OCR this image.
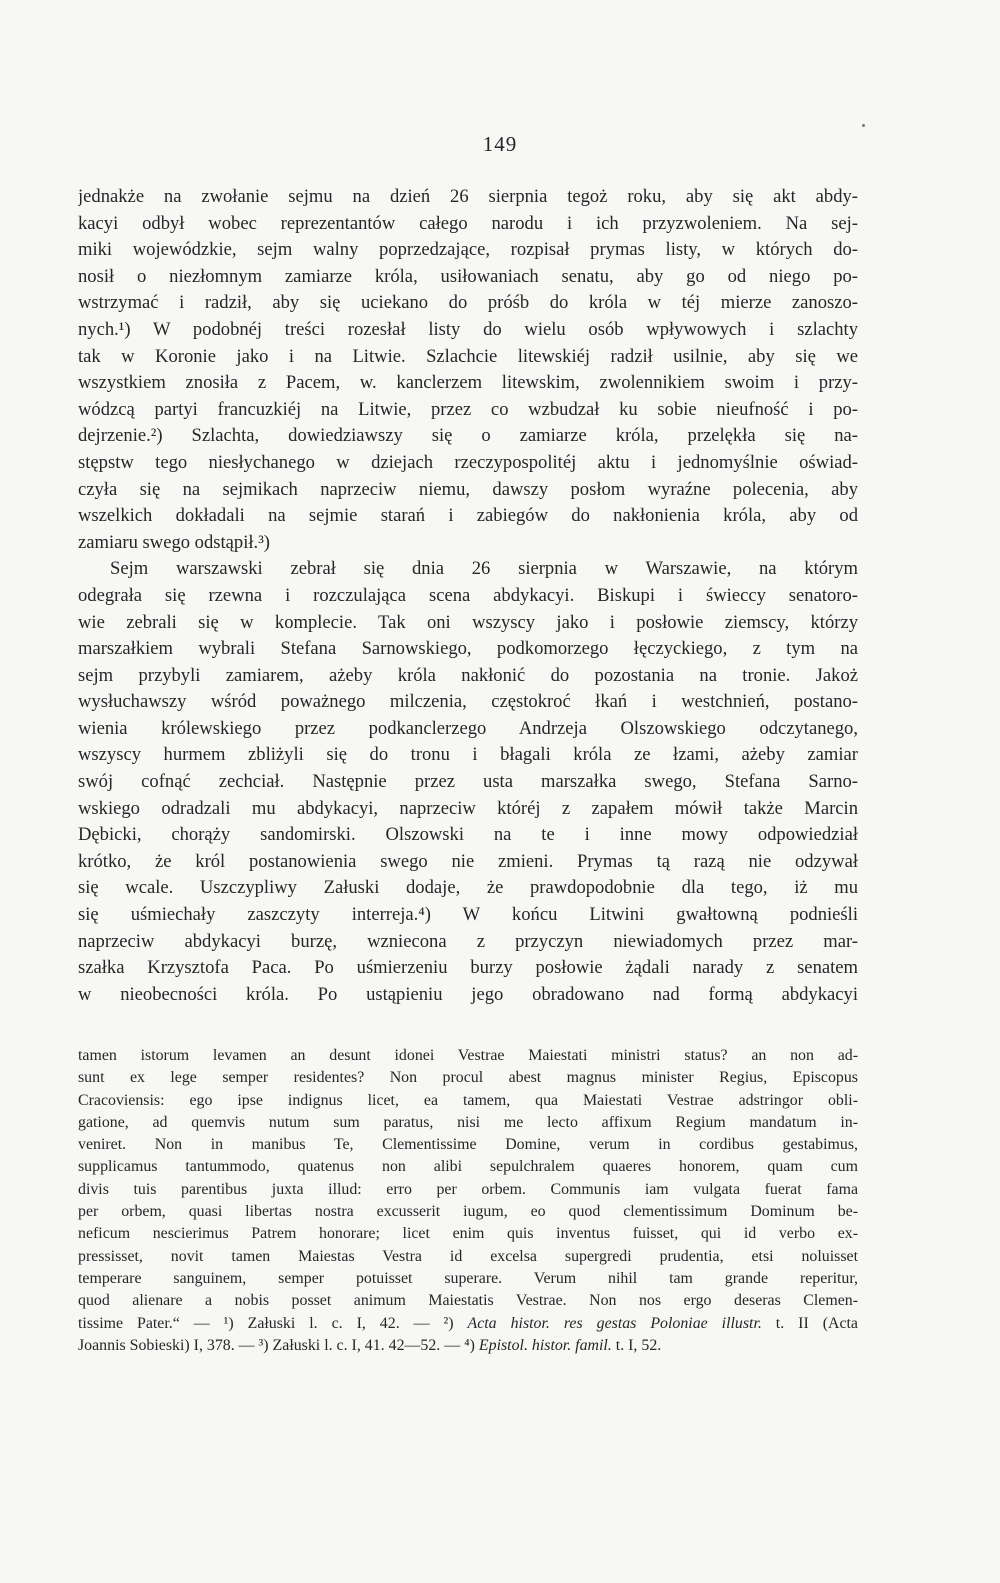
149
jednakże na zwołanie sejmu na dzień 26 sierpnia tegoż roku, aby się akt abdy-
kacyi odbył wobec reprezentantów całego narodu i ich przyzwoleniem. Na sej-
miki wojewódzkie, sejm walny poprzedzające, rozpisał prymas listy, w których do-
nosił o niezłomnym zamiarze króla, usiłowaniach senatu, aby go od niego po-
wstrzymać i radził, aby się uciekano do próśb do króla w téj mierze zanoszo-
nych.¹) W podobnéj treści rozesłał listy do wielu osób wpływowych i szlachty
tak w Koronie jako i na Litwie. Szlachcie litewskiéj radził usilnie, aby się we
wszystkiem znosiła z Pacem, w. kanclerzem litewskim, zwolennikiem swoim i przy-
wódzcą partyi francuzkiéj na Litwie, przez co wzbudzał ku sobie nieufność i po-
dejrzenie.²) Szlachta, dowiedziawszy się o zamiarze króla, przelękła się na-
stępstw tego niesłychanego w dziejach rzeczypospolitéj aktu i jednomyślnie oświad-
czyła się na sejmikach naprzeciw niemu, dawszy posłom wyraźne polecenia, aby
wszelkich dokładali na sejmie starań i zabiegów do nakłonienia króla, aby od
zamiaru swego odstąpił.³)
Sejm warszawski zebrał się dnia 26 sierpnia w Warszawie, na którym
odegrała się rzewna i rozczulająca scena abdykacyi. Biskupi i świeccy senatoro-
wie zebrali się w komplecie. Tak oni wszyscy jako i posłowie ziemscy, którzy
marszałkiem wybrali Stefana Sarnowskiego, podkomorzego łęczyckiego, z tym na
sejm przybyli zamiarem, ażeby króla nakłonić do pozostania na tronie. Jakoż
wysłuchawszy wśród poważnego milczenia, częstokroć łkań i westchnień, postano-
wienia królewskiego przez podkanclerzego Andrzeja Olszowskiego odczytanego,
wszyscy hurmem zbliżyli się do tronu i błagali króla ze łzami, ażeby zamiar
swój cofnąć zechciał. Następnie przez usta marszałka swego, Stefana Sarno-
wskiego odradzali mu abdykacyi, naprzeciw któréj z zapałem mówił także Marcin
Dębicki, chorąży sandomirski. Olszowski na te i inne mowy odpowiedział
krótko, że król postanowienia swego nie zmieni. Prymas tą razą nie odzywał
się wcale. Uszczypliwy Załuski dodaje, że prawdopodobnie dla tego, iż mu
się uśmiechały zaszczyty interreja.⁴) W końcu Litwini gwałtowną podnieśli
naprzeciw abdykacyi burzę, wzniecona z przyczyn niewiadomych przez mar-
szałka Krzysztofa Paca. Po uśmierzeniu burzy posłowie żądali narady z senatem
w nieobecności króla. Po ustąpieniu jego obradowano nad formą abdykacyi
tamen istorum levamen an desunt idonei Vestrae Maiestati ministri status? an non ad-
sunt ex lege semper residentes? Non procul abest magnus minister Regius, Episcopus
Cracoviensis: ego ipse indignus licet, ea tamem, qua Maiestati Vestrae adstringor obli-
gatione, ad quemvis nutum sum paratus, nisi me lecto affixum Regium mandatum in-
veniret. Non in manibus Te, Clementissime Domine, verum in cordibus gestabimus,
supplicamus tantummodo, quatenus non alibi sepulchralem quaeres honorem, quam cum
divis tuis parentibus juxta illud: erro per orbem. Communis iam vulgata fuerat fama
per orbem, quasi libertas nostra excusserit iugum, eo quod clementissimum Dominum be-
neficum nescierimus Patrem honorare; licet enim quis inventus fuisset, qui id verbo ex-
pressisset, novit tamen Maiestas Vestra id excelsa supergredi prudentia, etsi noluisset
temperare sanguinem, semper potuisset superare. Verum nihil tam grande reperitur,
quod alienare a nobis posset animum Maiestatis Vestrae. Non nos ergo deseras Clemen-
tissime Pater.“ — ¹) Załuski l. c. I, 42. — ²) Acta histor. res gestas Poloniae illustr. t. II (Acta
Joannis Sobieski) I, 378. — ³) Załuski l. c. I, 41. 42—52. — ⁴) Epistol. histor. famil. t. I, 52.
